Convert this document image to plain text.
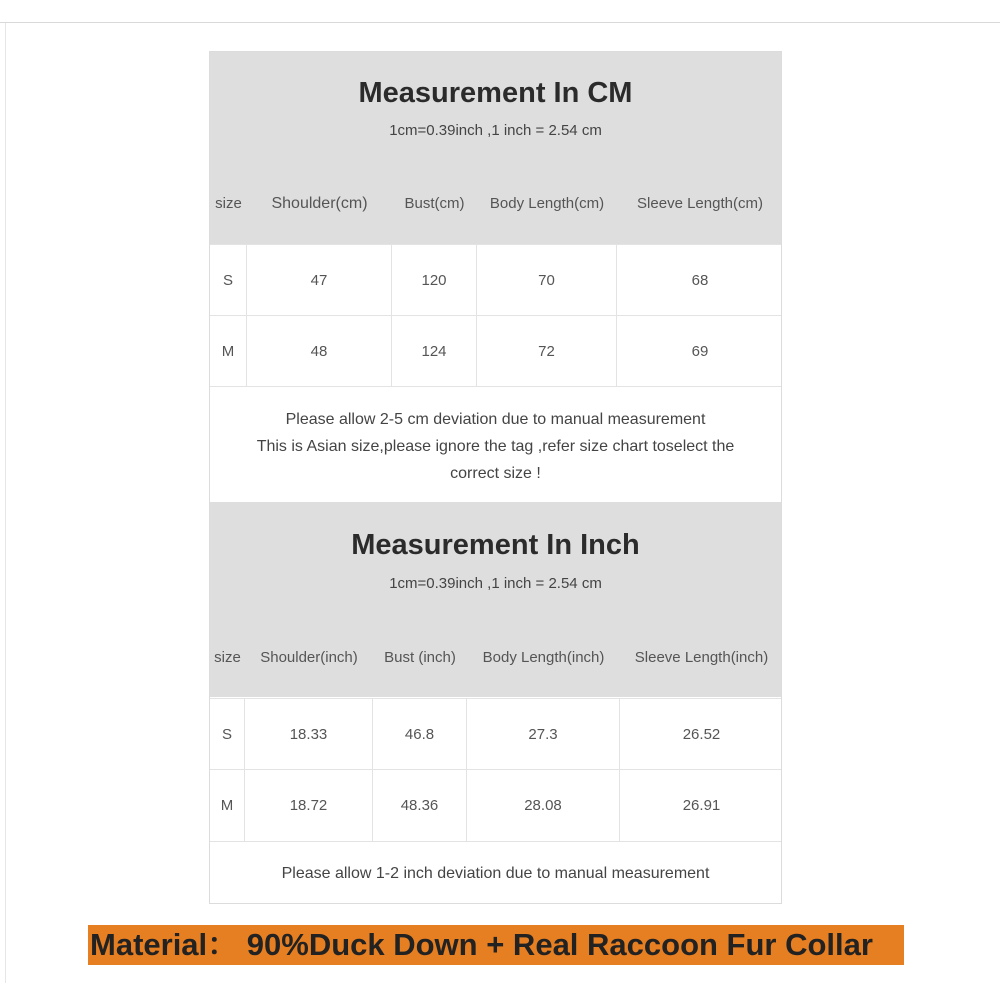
Measurement In CM
1cm=0.39inch ,1 inch = 2.54 cm
size	Shoulder(cm)	Bust(cm)	Body Length(cm)	Sleeve Length(cm)
S	47	120	70	68
M	48	124	72	69
Please allow 2-5 cm deviation due to manual measurement
This is Asian size,please ignore the tag ,refer size chart toselect the
correct size !
Measurement In Inch
1cm=0.39inch ,1 inch = 2.54 cm
size	Shoulder(inch)	Bust (inch)	Body Length(inch)	Sleeve Length(inch)
S	18.33	46.8	27.3	26.52
M	18.72	48.36	28.08	26.91
Please allow 1-2 inch deviation due to manual measurement
Material： 90%Duck Down + Real Raccoon Fur Collar
